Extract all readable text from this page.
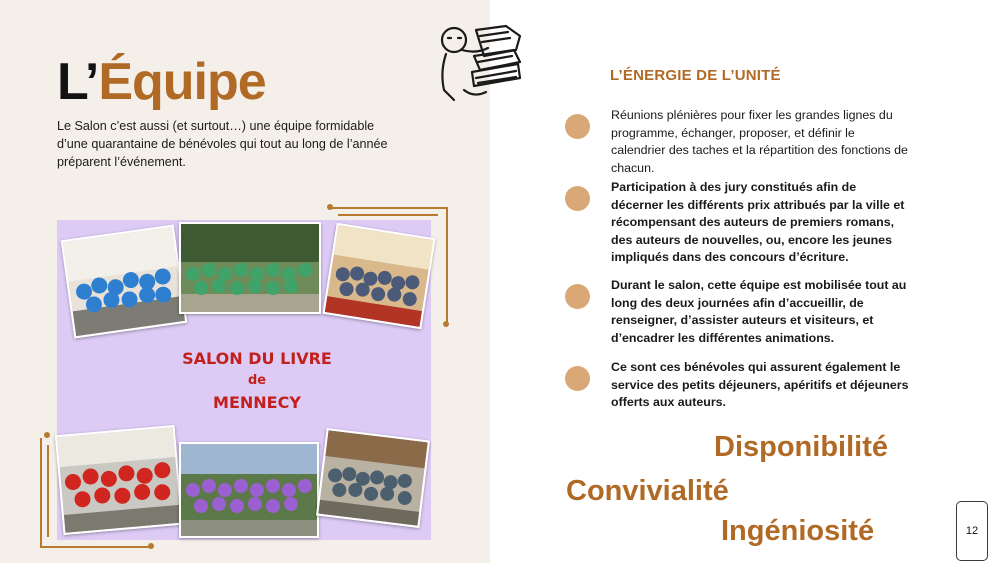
L’Équipe

Le Salon c’est aussi (et surtout…) une équipe formidable d’une quarantaine de bénévoles qui tout au long de l’année préparent l’événement.

SALON DU LIVRE
de
MENNECY
L’ÉNERGIE DE L’UNITÉ

Réunions plénières pour fixer les grandes lignes du programme, échanger, proposer, et définir le calendrier des taches et la répartition des fonctions de chacun.

Participation à des jury constitués afin de décerner les différents prix attribués par la ville et récompensant des auteurs de premiers romans, des auteurs de nouvelles, ou, encore les jeunes impliqués dans des concours d’écriture.

Durant le salon, cette équipe est mobilisée tout au long des deux journées afin d’accueillir, de renseigner, d’assister auteurs et visiteurs, et d’encadrer les différentes animations.

Ce sont ces bénévoles qui assurent également le service des petits déjeuners, apéritifs et déjeuners offerts aux auteurs.

Disponibilité

Convivialité

Ingéniosité	12
